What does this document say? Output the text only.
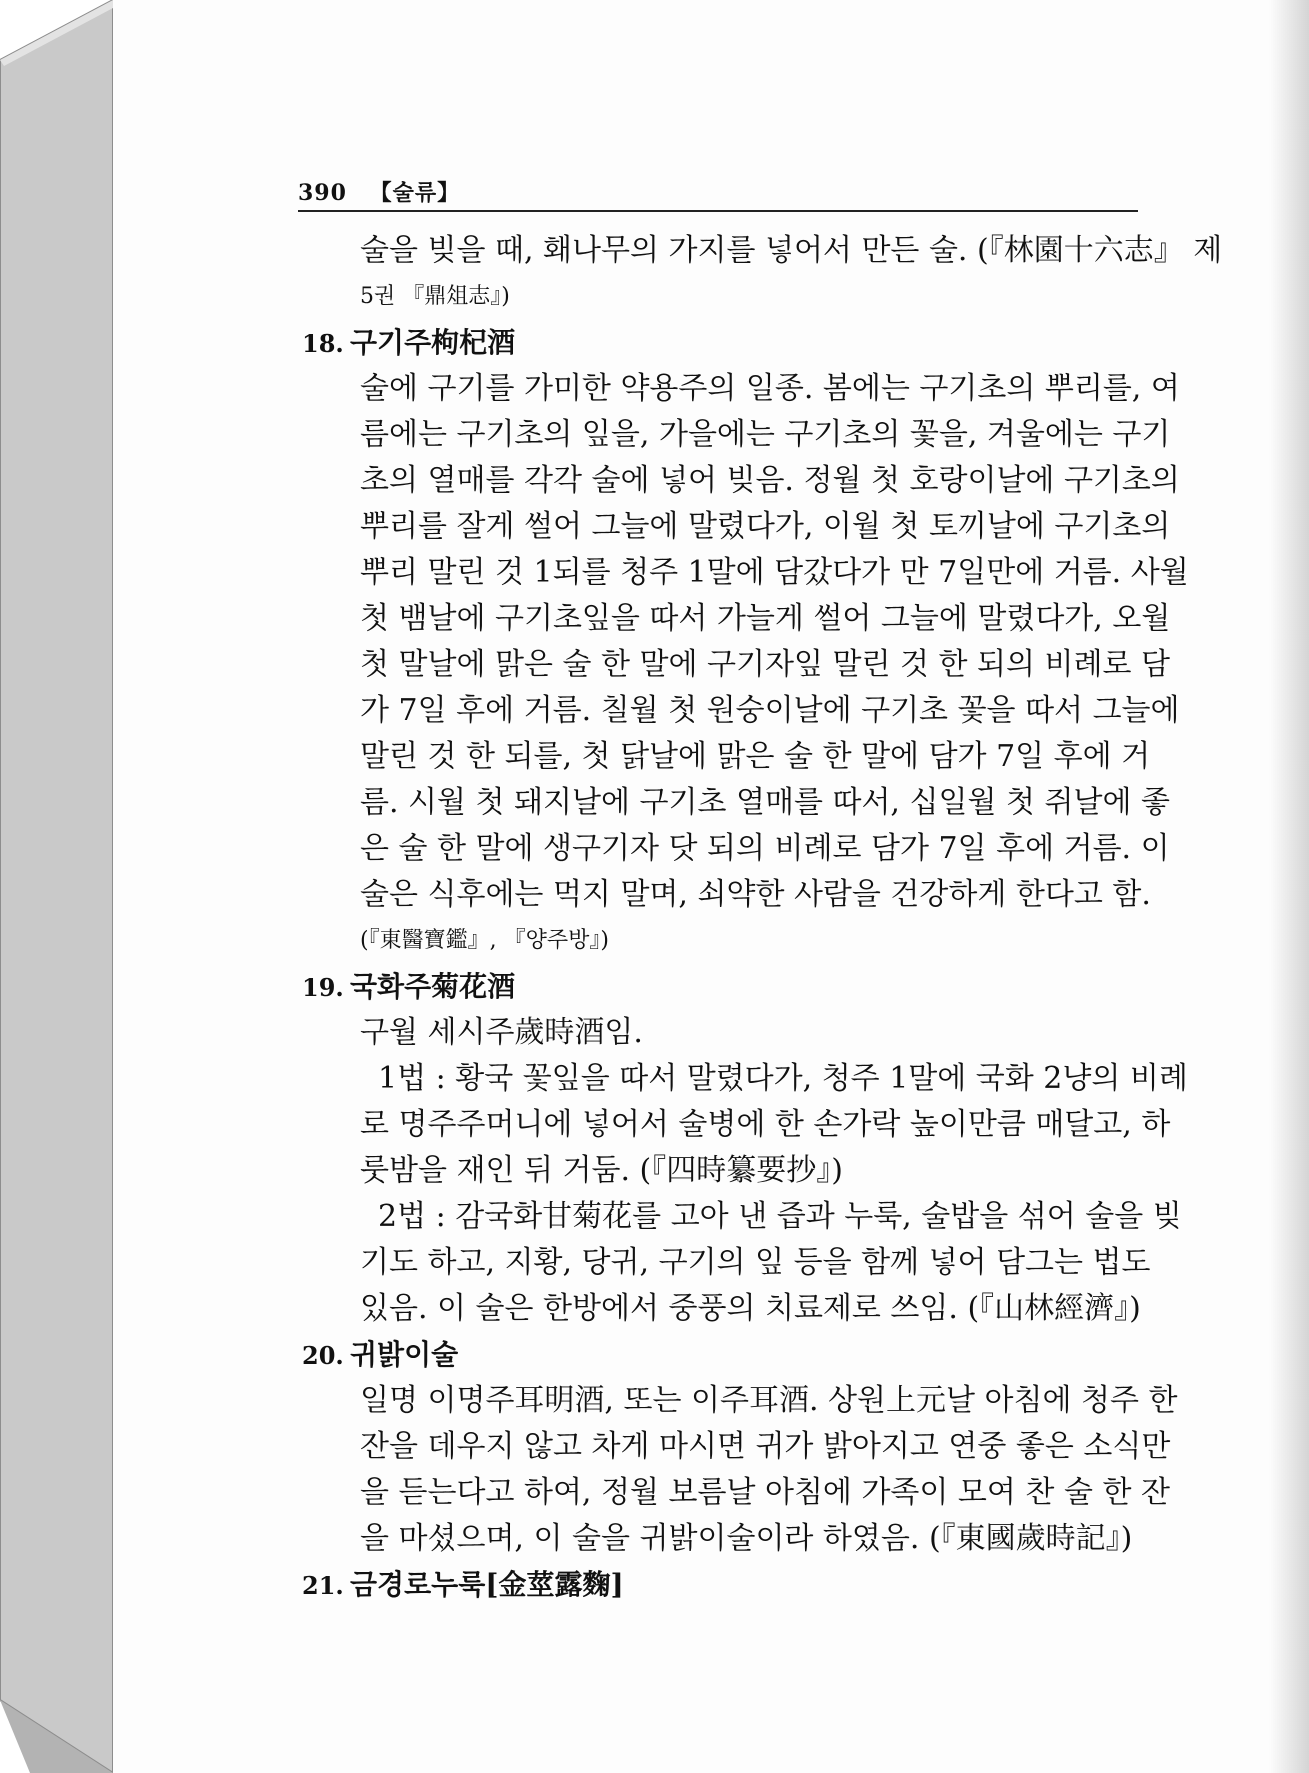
390 【술류】
술을 빚을 때, 홰나무의 가지를 넣어서 만든 술. (『林園十六志』 제
5권 『鼎俎志』)
18. 구기주枸杞酒
술에 구기를 가미한 약용주의 일종. 봄에는 구기초의 뿌리를, 여
름에는 구기초의 잎을, 가을에는 구기초의 꽃을, 겨울에는 구기
초의 열매를 각각 술에 넣어 빚음. 정월 첫 호랑이날에 구기초의
뿌리를 잘게 썰어 그늘에 말렸다가, 이월 첫 토끼날에 구기초의
뿌리 말린 것 1되를 청주 1말에 담갔다가 만 7일만에 거름. 사월
첫 뱀날에 구기초잎을 따서 가늘게 썰어 그늘에 말렸다가, 오월
첫 말날에 맑은 술 한 말에 구기자잎 말린 것 한 되의 비례로 담
가 7일 후에 거름. 칠월 첫 원숭이날에 구기초 꽃을 따서 그늘에
말린 것 한 되를, 첫 닭날에 맑은 술 한 말에 담가 7일 후에 거
름. 시월 첫 돼지날에 구기초 열매를 따서, 십일월 첫 쥐날에 좋
은 술 한 말에 생구기자 닷 되의 비례로 담가 7일 후에 거름. 이
술은 식후에는 먹지 말며, 쇠약한 사람을 건강하게 한다고 함.
(『東醫寶鑑』, 『양주방』)
19. 국화주菊花酒
구월 세시주歲時酒임.
1법 : 황국 꽃잎을 따서 말렸다가, 청주 1말에 국화 2냥의 비례
로 명주주머니에 넣어서 술병에 한 손가락 높이만큼 매달고, 하
룻밤을 재인 뒤 거둠. (『四時纂要抄』)
2법 : 감국화甘菊花를 고아 낸 즙과 누룩, 술밥을 섞어 술을 빚
기도 하고, 지황, 당귀, 구기의 잎 등을 함께 넣어 담그는 법도
있음. 이 술은 한방에서 중풍의 치료제로 쓰임. (『山林經濟』)
20. 귀밝이술
일명 이명주耳明酒, 또는 이주耳酒. 상원上元날 아침에 청주 한
잔을 데우지 않고 차게 마시면 귀가 밝아지고 연중 좋은 소식만
을 듣는다고 하여, 정월 보름날 아침에 가족이 모여 찬 술 한 잔
을 마셨으며, 이 술을 귀밝이술이라 하였음. (『東國歲時記』)
21. 금경로누룩[金莖露麴]
